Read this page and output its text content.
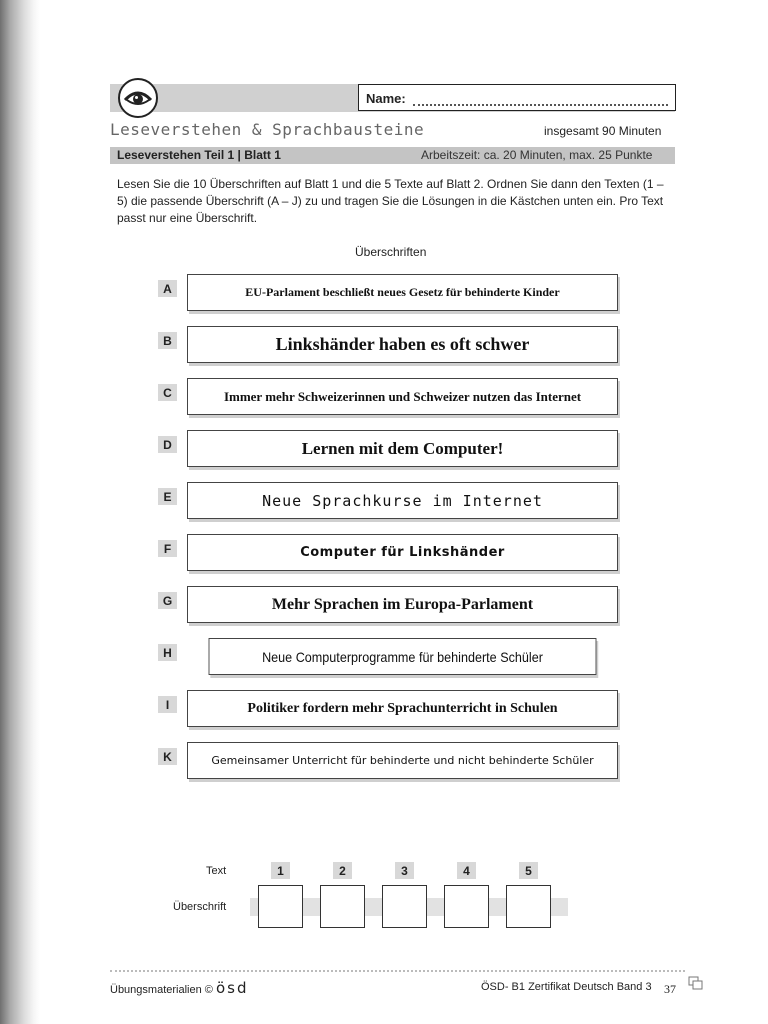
Name:
Leseverstehen & Sprachbausteine	insgesamt 90 Minuten
Leseverstehen Teil 1 | Blatt 1	Arbeitszeit: ca. 20 Minuten, max. 25 Punkte
Lesen Sie die 10 Überschriften auf Blatt 1 und die 5 Texte auf Blatt 2. Ordnen Sie dann den Texten (1 – 5) die passende Überschrift (A – J) zu und tragen Sie die Lösungen in die Kästchen unten ein. Pro Text passt nur eine Überschrift.
Überschriften
A	EU-Parlament beschließt neues Gesetz für behinderte Kinder
B	Linkshänder haben es oft schwer
C	Immer mehr Schweizerinnen und Schweizer nutzen das Internet
D	Lernen mit dem Computer!
E	Neue Sprachkurse im Internet
F	Computer für Linkshänder
G	Mehr Sprachen im Europa-Parlament
H	Neue Computerprogramme für behinderte Schüler
I	Politiker fordern mehr Sprachunterricht in Schulen
K	Gemeinsamer Unterricht für behinderte und nicht behinderte Schüler
Text	1	2	3	4	5
Überschrift
Übungsmaterialien © ösd	ÖSD- B1 Zertifikat Deutsch Band 3 37
